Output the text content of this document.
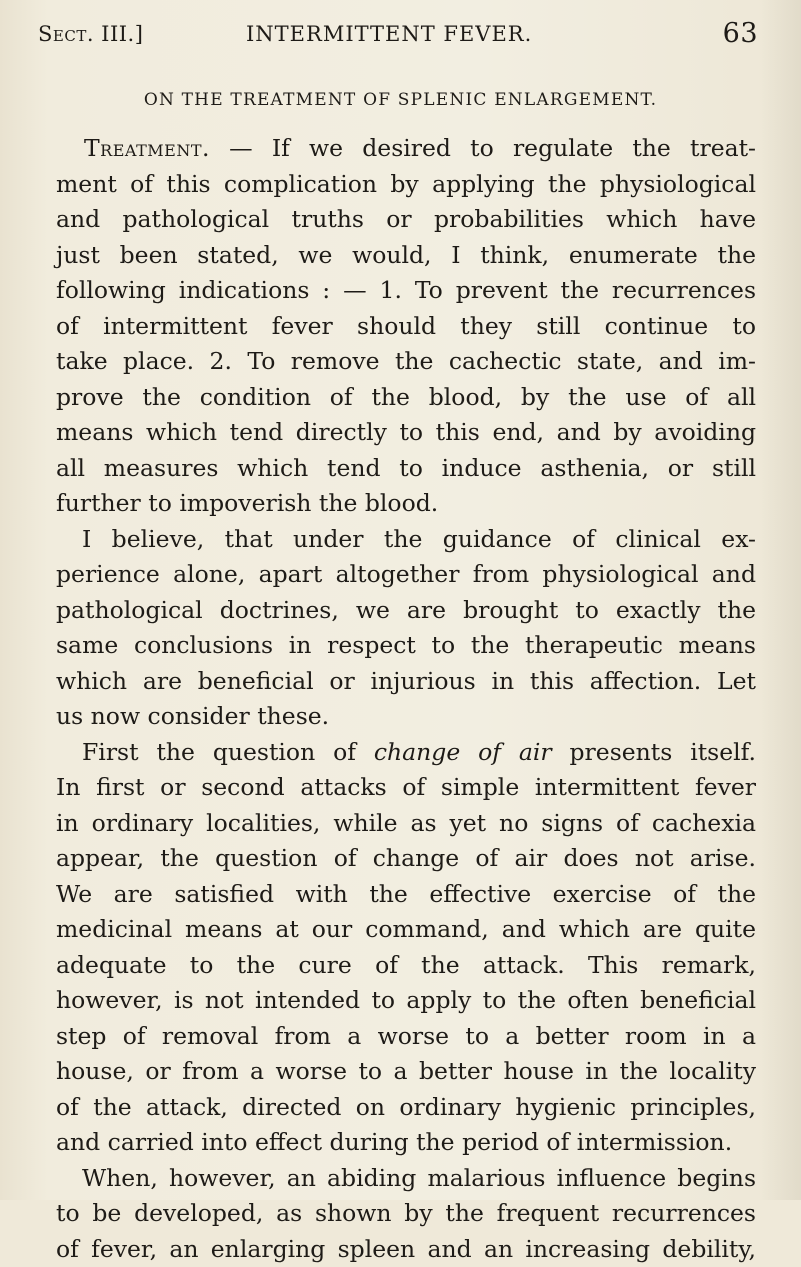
Sect. III.]	INTERMITTENT FEVER.	63
ON THE TREATMENT OF SPLENIC ENLARGEMENT.
Treatment. — If we desired to regulate the treat-
ment of this complication by applying the physiological
and pathological truths or probabilities which have
just been stated, we would, I think, enumerate the
following indications : — 1. To prevent the recurrences
of intermittent fever should they still continue to
take place. 2. To remove the cachectic state, and im-
prove the condition of the blood, by the use of all
means which tend directly to this end, and by avoiding
all measures which tend to induce asthenia, or still
further to impoverish the blood.
I believe, that under the guidance of clinical ex-
perience alone, apart altogether from physiological and
pathological doctrines, we are brought to exactly the
same conclusions in respect to the therapeutic means
which are beneficial or injurious in this affection. Let
us now consider these.
First the question of change of air presents itself.
In first or second attacks of simple intermittent fever
in ordinary localities, while as yet no signs of cachexia
appear, the question of change of air does not arise.
We are satisfied with the effective exercise of the
medicinal means at our command, and which are quite
adequate to the cure of the attack. This remark,
however, is not intended to apply to the often beneficial
step of removal from a worse to a better room in a
house, or from a worse to a better house in the locality
of the attack, directed on ordinary hygienic principles,
and carried into effect during the period of intermission.
When, however, an abiding malarious influence begins
to be developed, as shown by the frequent recurrences
of fever, an enlarging spleen and an increasing debility,
